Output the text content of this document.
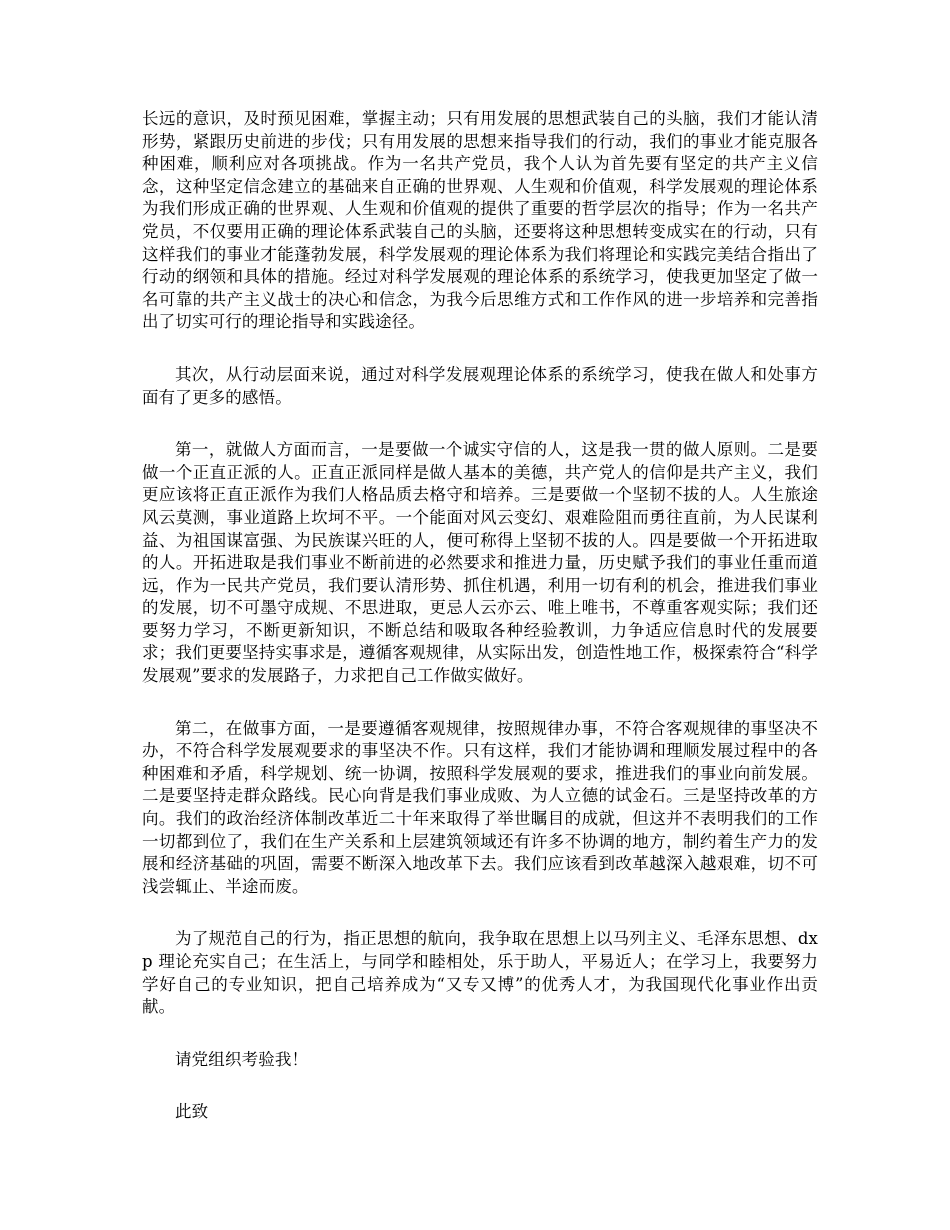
长远的意识，及时预见困难，掌握主动；只有用发展的思想武装自己的头脑，我们才能认清形势，紧跟历史前进的步伐；只有用发展的思想来指导我们的行动，我们的事业才能克服各种困难，顺利应对各项挑战。作为一名共产党员，我个人认为首先要有坚定的共产主义信念，这种坚定信念建立的基础来自正确的世界观、人生观和价值观，科学发展观的理论体系为我们形成正确的世界观、人生观和价值观的提供了重要的哲学层次的指导；作为一名共产党员，不仅要用正确的理论体系武装自己的头脑，还要将这种思想转变成实在的行动，只有这样我们的事业才能蓬勃发展，科学发展观的理论体系为我们将理论和实践完美结合指出了行动的纲领和具体的措施。经过对科学发展观的理论体系的系统学习，使我更加坚定了做一名可靠的共产主义战士的决心和信念，为我今后思维方式和工作作风的进一步培养和完善指出了切实可行的理论指导和实践途径。

其次，从行动层面来说，通过对科学发展观理论体系的系统学习，使我在做人和处事方面有了更多的感悟。

第一，就做人方面而言，一是要做一个诚实守信的人，这是我一贯的做人原则。二是要做一个正直正派的人。正直正派同样是做人基本的美德，共产党人的信仰是共产主义，我们更应该将正直正派作为我们人格品质去格守和培养。三是要做一个坚韧不拔的人。人生旅途风云莫测，事业道路上坎坷不平。一个能面对风云变幻、艰难险阻而勇往直前，为人民谋利益、为祖国谋富强、为民族谋兴旺的人，便可称得上坚韧不拔的人。四是要做一个开拓进取的人。开拓进取是我们事业不断前进的必然要求和推进力量，历史赋予我们的事业任重而道远，作为一民共产党员，我们要认清形势、抓住机遇，利用一切有利的机会，推进我们事业的发展，切不可墨守成规、不思进取，更忌人云亦云、唯上唯书，不尊重客观实际；我们还要努力学习，不断更新知识，不断总结和吸取各种经验教训，力争适应信息时代的发展要求；我们更要坚持实事求是，遵循客观规律，从实际出发，创造性地工作，极探索符合“科学发展观”要求的发展路子，力求把自己工作做实做好。

第二，在做事方面，一是要遵循客观规律，按照规律办事，不符合客观规律的事坚决不办，不符合科学发展观要求的事坚决不作。只有这样，我们才能协调和理顺发展过程中的各种困难和矛盾，科学规划、统一协调，按照科学发展观的要求，推进我们的事业向前发展。二是要坚持走群众路线。民心向背是我们事业成败、为人立德的试金石。三是坚持改革的方向。我们的政治经济体制改革近二十年来取得了举世瞩目的成就，但这并不表明我们的工作一切都到位了，我们在生产关系和上层建筑领域还有许多不协调的地方，制约着生产力的发展和经济基础的巩固，需要不断深入地改革下去。我们应该看到改革越深入越艰难，切不可浅尝辄止、半途而废。

为了规范自己的行为，指正思想的航向，我争取在思想上以马列主义、毛泽东思想、dxp 理论充实自己；在生活上，与同学和睦相处，乐于助人，平易近人；在学习上，我要努力学好自己的专业知识，把自己培养成为“又专又博”的优秀人才，为我国现代化事业作出贡献。

请党组织考验我！

此致
